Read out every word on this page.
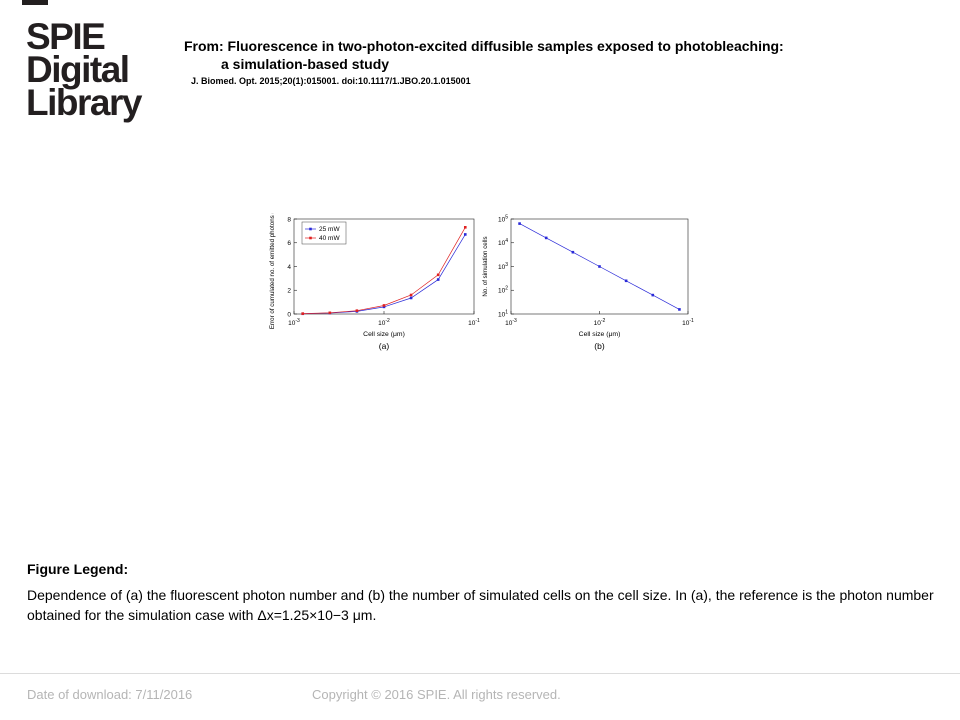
SPIE
Digital
Library
From: Fluorescence in two-photon-excited diffusible samples exposed to photobleaching:
a simulation-based study
J. Biomed. Opt. 2015;20(1):015001. doi:10.1117/1.JBO.20.1.015001
25 mW
40 mW
Cell size (μm)
(a)
Error of cumulated no. of emitted photons (%) $10^{-3}$	$10^{-2}$	$10^{-1}$
0
2
4
6
8
Cell size (μm)
(b)
No. of simulation cells
$10^{-3}$	$10^{-2}$	$10^{-1}$
$10^1$
$10^2$
$10^3$
$10^4$
$10^5$
Figure Legend:
Dependence of (a) the fluorescent photon number and (b) the number of simulated cells on the cell size. In (a), the reference is the photon number obtained for the simulation case with Δx=1.25×10−3 μm.
Date of download: 7/11/2016	Copyright © 2016 SPIE. All rights reserved.
